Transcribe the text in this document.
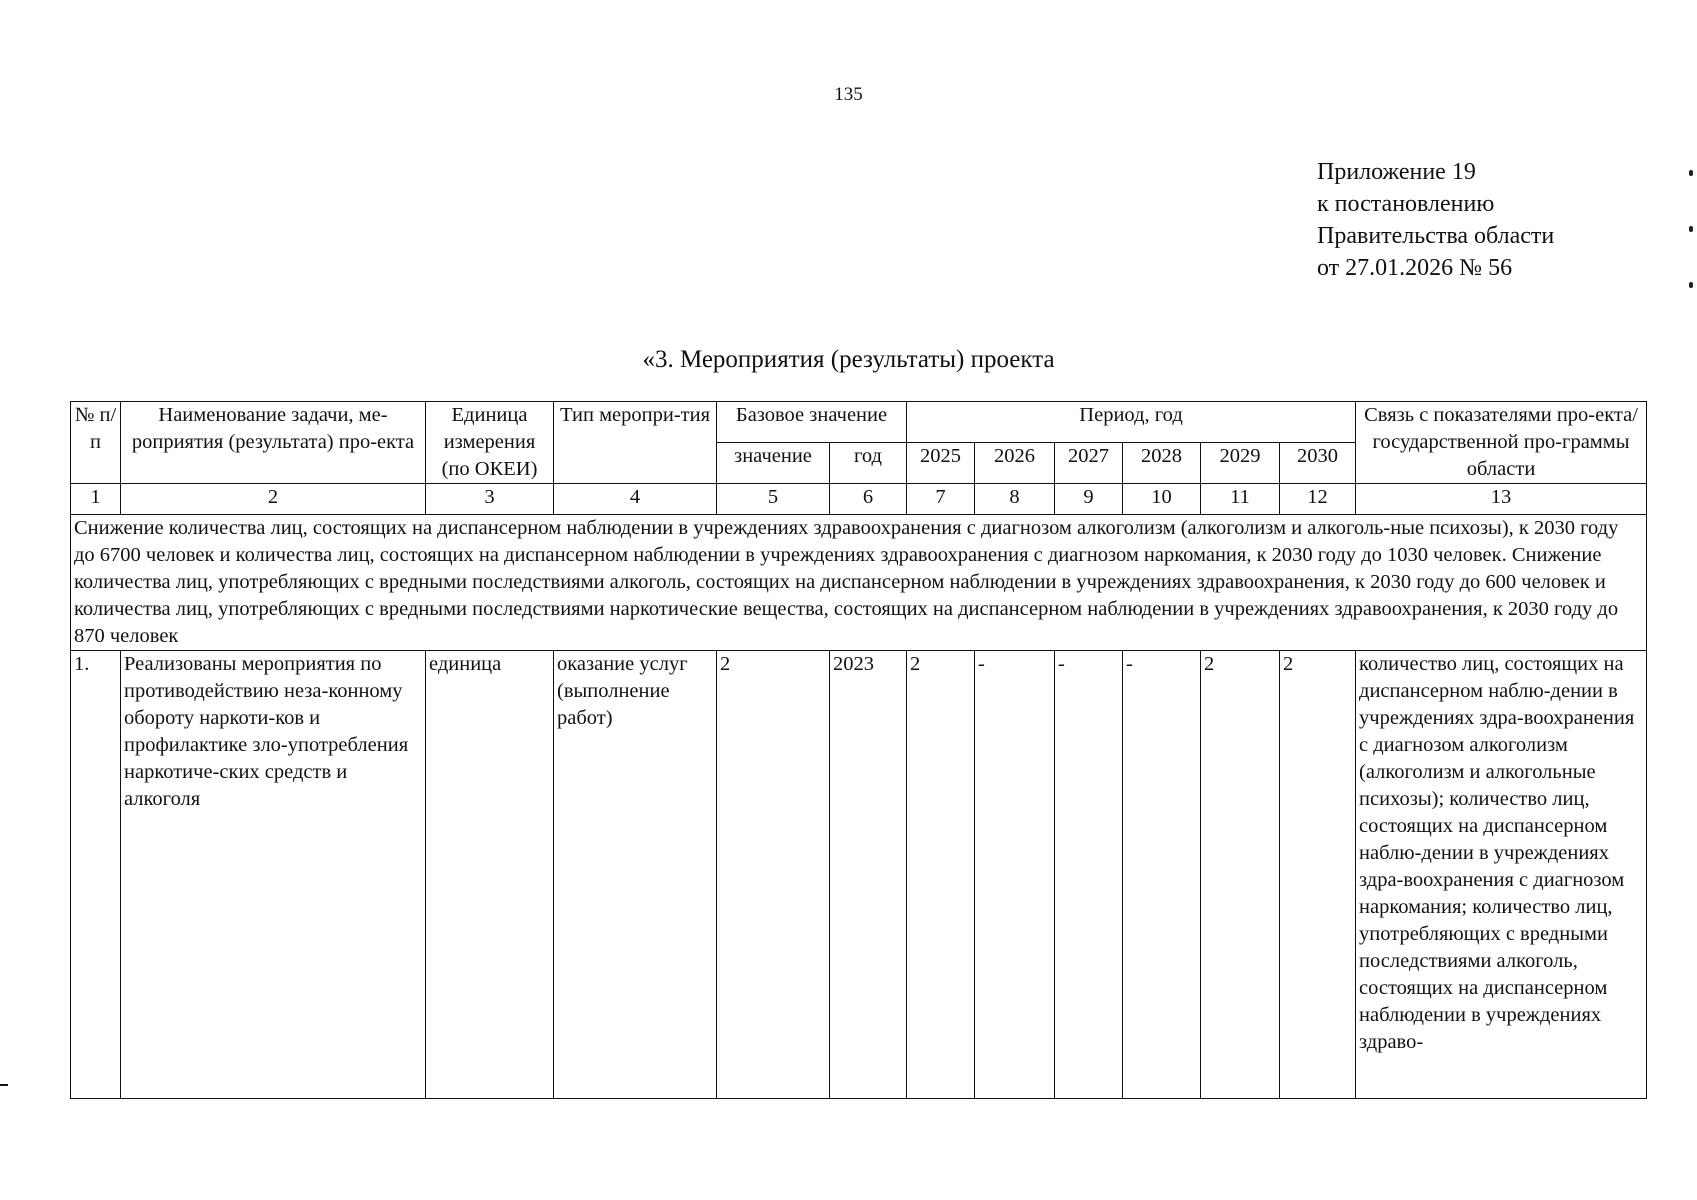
135
Приложение 19
к постановлению
Правительства области
от 27.01.2026 № 56
«3. Мероприятия (результаты) проекта
№ п/п	Наименование задачи, ме-роприятия (результата) про-екта	Единица измерения (по ОКЕИ)	Тип меропри-тия	Базовое значение		Период, год						Связь с показателями про-екта/государственной про-граммы области
				значение	год	2025	2026	2027	2028	2029	2030	
1	2	3	4	5	6	7	8	9	10	11	12	13
Снижение количества лиц, состоящих на диспансерном наблюдении в учреждениях здравоохранения с диагнозом алкоголизм (алкоголизм и алкоголь-ные психозы), к 2030 году до 6700 человек и количества лиц, состоящих на диспансерном наблюдении в учреждениях здравоохранения с диагнозом наркомания, к 2030 году до 1030 человек. Снижение количества лиц, употребляющих с вредными последствиями алкоголь, состоящих на диспансерном наблюдении в учреждениях здравоохранения, к 2030 году до 600 человек и количества лиц, употребляющих с вредными последствиями наркотические вещества, состоящих на диспансерном наблюдении в учреждениях здравоохранения, к 2030 году до 870 человек												
1.	Реализованы мероприятия по противодействию неза-конному обороту наркоти-ков и профилактике зло-употребления наркотиче-ских средств и алкоголя	единица	оказание услуг (выполнение работ)	2	2023	2	-	-	-	2	2	количество лиц, состоящих на диспансерном наблю-дении в учреждениях здра-воохранения с диагнозом алкоголизм (алкоголизм и алкогольные психозы); количество лиц, состоящих на диспансерном наблю-дении в учреждениях здра-воохранения с диагнозом наркомания; количество лиц, употребляющих с вредными последствиями алкоголь, состоящих на диспансерном наблюдении в учреждениях здраво-
